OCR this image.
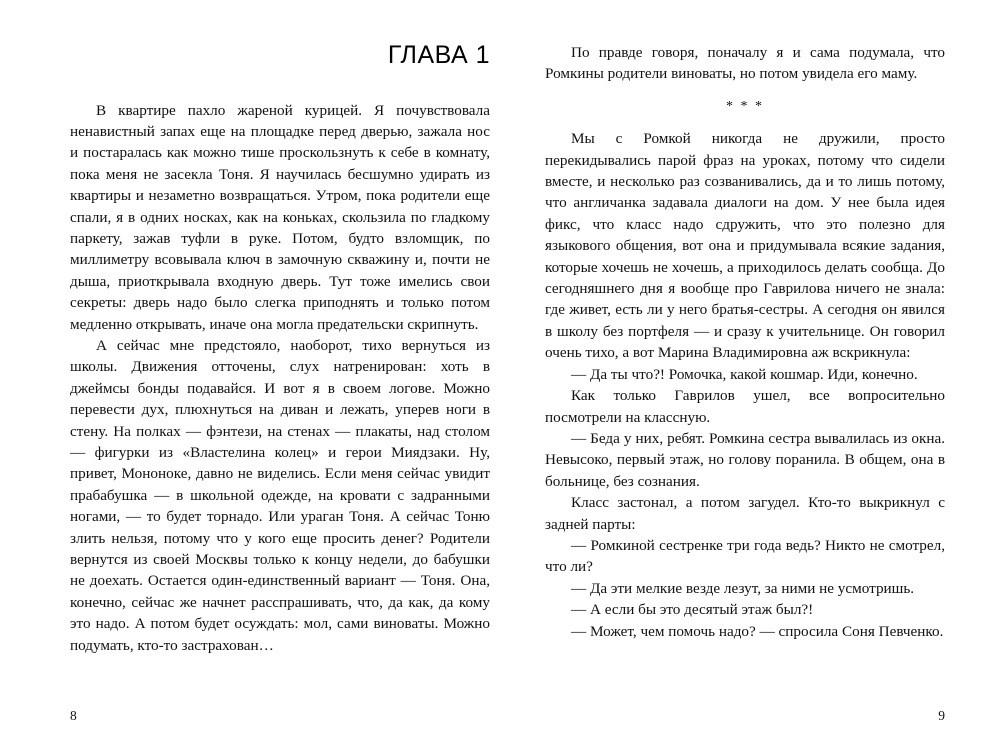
ГЛАВА 1

В квартире пахло жареной курицей. Я почувствовала ненавистный запах еще на площадке перед дверью, зажала нос и постаралась как можно тише проскользнуть к себе в комнату, пока меня не засекла Тоня. Я научилась бесшумно удирать из квартиры и незаметно возвращаться. Утром, пока родители еще спали, я в одних носках, как на коньках, скользила по гладкому паркету, зажав туфли в руке. Потом, будто взломщик, по миллиметру всовывала ключ в замочную скважину и, почти не дыша, приоткрывала входную дверь. Тут тоже имелись свои секреты: дверь надо было слегка приподнять и только потом медленно открывать, иначе она могла предательски скрипнуть.

А сейчас мне предстояло, наоборот, тихо вернуться из школы. Движения отточены, слух натренирован: хоть в джеймсы бонды подавайся. И вот я в своем логове. Можно перевести дух, плюхнуться на диван и лежать, уперев ноги в стену. На полках — фэнтези, на стенах — плакаты, над столом — фигурки из «Властелина колец» и герои Миядзаки. Ну, привет, Мононоке, давно не виделись. Если меня сейчас увидит прабабушка — в школьной одежде, на кровати с задранными ногами, — то будет торнадо. Или ураган Тоня. А сейчас Тоню злить нельзя, потому что у кого еще просить денег? Родители вернутся из своей Москвы только к концу недели, до бабушки не доехать. Остается один-единственный вариант — Тоня. Она, конечно, сейчас же начнет расспрашивать, что, да как, да кому это надо. А потом будет осуждать: мол, сами виноваты. Можно подумать, кто-то застрахован…

8

По правде говоря, поначалу я и сама подумала, что Ромкины родители виноваты, но потом увидела его маму.

* * *

Мы с Ромкой никогда не дружили, просто перекидывались парой фраз на уроках, потому что сидели вместе, и несколько раз созванивались, да и то лишь потому, что англичанка задавала диалоги на дом. У нее была идея фикс, что класс надо сдружить, что это полезно для языкового общения, вот она и придумывала всякие задания, которые хочешь не хочешь, а приходилось делать сообща. До сегодняшнего дня я вообще про Гаврилова ничего не знала: где живет, есть ли у него братья-сестры. А сегодня он явился в школу без портфеля — и сразу к учительнице. Он говорил очень тихо, а вот Марина Владимировна аж вскрикнула:

— Да ты что?! Ромочка, какой кошмар. Иди, конечно.

Как только Гаврилов ушел, все вопросительно посмотрели на классную.

— Беда у них, ребят. Ромкина сестра вывалилась из окна. Невысоко, первый этаж, но голову поранила. В общем, она в больнице, без сознания.

Класс застонал, а потом загудел. Кто-то выкрикнул с задней парты:

— Ромкиной сестренке три года ведь? Никто не смотрел, что ли?

— Да эти мелкие везде лезут, за ними не усмотришь.

— А если бы это десятый этаж был?!

— Может, чем помочь надо? — спросила Соня Певченко.

9
